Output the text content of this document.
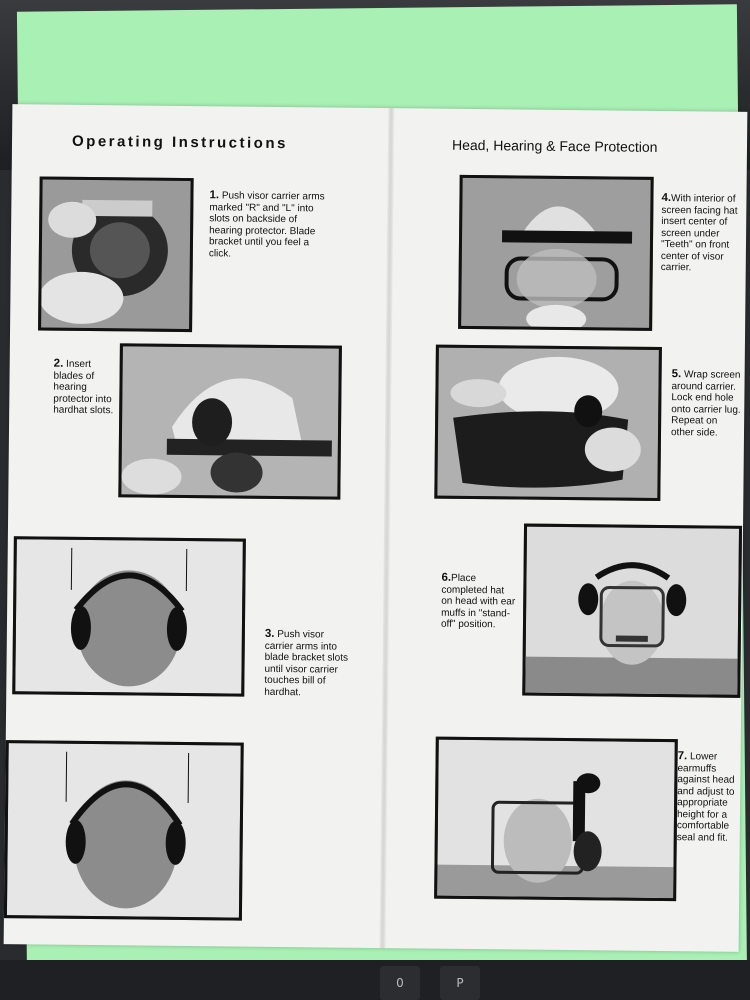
Operating Instructions	Head, Hearing & Face Protection
1. Push visor carrier arms marked "R" and "L" into slots on backside of hearing protector. Blade bracket until you feel a click.
2. Insert blades of hearing protector into hardhat slots.
3. Push visor carrier arms into blade bracket slots until visor carrier touches bill of hardhat.
4.With interior of screen facing hat insert center of screen under "Teeth" on front center of visor carrier.
5. Wrap screen around carrier. Lock end hole onto carrier lug. Repeat on other side.
6.Place completed hat on head with ear muffs in "stand-off" position.
7. Lower earmuffs against head and adjust to appropriate height for a comfortable seal and fit.
0	P
